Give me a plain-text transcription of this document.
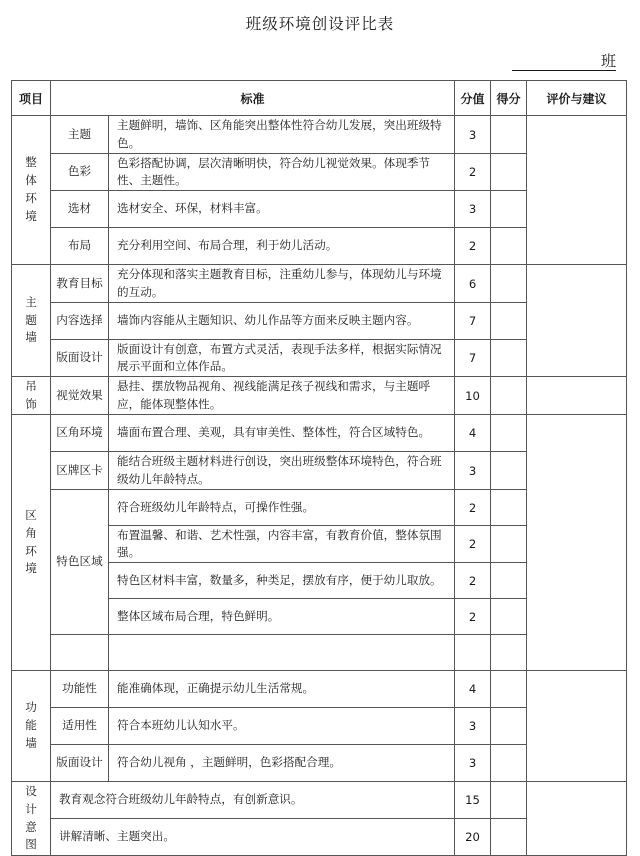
班级环境创设评比表
班
项目	标准		分值	得分	评价与建议

整体环境	主题	主题鲜明，墙饰、区角能突出整体性符合幼儿发展，突出班级特色。	3		
	色彩	色彩搭配协调，层次清晰明快，符合幼儿视觉效果。体现季节性、主题性。	2		
	选材	选材安全、环保，材料丰富。	3		
	布局	充分利用空间、布局合理，利于幼儿活动。	2		

主题墙	教育目标	充分体现和落实主题教育目标，注重幼儿参与，体现幼儿与环境的互动。	6		
	内容选择	墙饰内容能从主题知识、幼儿作品等方面来反映主题内容。	7		
	版面设计	版面设计有创意，布置方式灵活，表现手法多样，根据实际情况展示平面和立体作品。	7		

吊饰	视觉效果	悬挂、摆放物品视角、视线能满足孩子视线和需求，与主题呼应，能体现整体性。	10		

区角环境	区角环境	墙面布置合理、美观，具有审美性、整体性，符合区域特色。	4		
	区牌区卡	能结合班级主题材料进行创设，突出班级整体环境特色，符合班级幼儿年龄特点。	3		
	特色区域	符合班级幼儿年龄特点，可操作性强。	2		
		布置温馨、和谐、艺术性强，内容丰富，有教育价值，整体氛围强。	2		
		特色区材料丰富，数量多，种类足，摆放有序，便于幼儿取放。	2		
		整体区域布局合理，特色鲜明。	2		

功能墙	功能性	能准确体现，正确提示幼儿生活常规。	4		
	适用性	符合本班幼儿认知水平。	3		
	版面设计	符合幼儿视角 ，主题鲜明，色彩搭配合理。	3		

设计意图	教育观念符合班级幼儿年龄特点，有创新意识。		15		
	讲解清晰、主题突出。		20		
